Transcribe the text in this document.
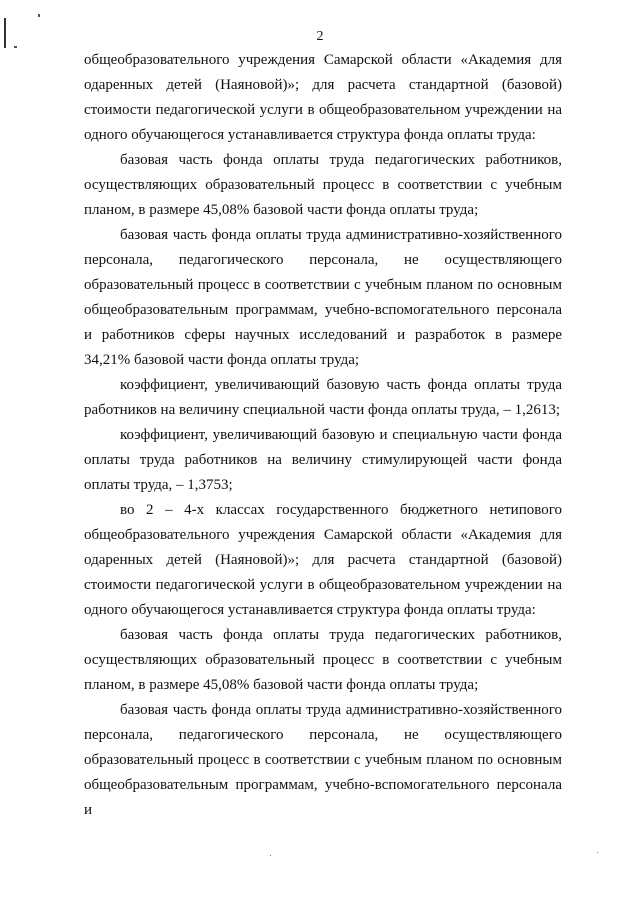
2

общеобразовательного учреждения Самарской области «Академия для одаренных детей (Наяновой)»; для расчета стандартной (базовой) стоимости педагогической услуги в общеобразовательном учреждении на одного обучающегося устанавливается структура фонда оплаты труда:

базовая часть фонда оплаты труда педагогических работников, осуществляющих образовательный процесс в соответствии с учебным планом, в размере 45,08% базовой части фонда оплаты труда;

базовая часть фонда оплаты труда административно-хозяйственного персонала, педагогического персонала, не осуществляющего образовательный процесс в соответствии с учебным планом по основным общеобразовательным программам, учебно-вспомогательного персонала и работников сферы научных исследований и разработок в размере 34,21% базовой части фонда оплаты труда;

коэффициент, увеличивающий базовую часть фонда оплаты труда работников на величину специальной части фонда оплаты труда, – 1,2613;

коэффициент, увеличивающий базовую и специальную части фонда оплаты труда работников на величину стимулирующей части фонда оплаты труда, – 1,3753;

во 2 – 4-х классах государственного бюджетного нетипового общеобразовательного учреждения Самарской области «Академия для одаренных детей (Наяновой)»; для расчета стандартной (базовой) стоимости педагогической услуги в общеобразовательном учреждении на одного обучающегося устанавливается структура фонда оплаты труда:

базовая часть фонда оплаты труда педагогических работников, осуществляющих образовательный процесс в соответствии с учебным планом, в размере 45,08% базовой части фонда оплаты труда;

базовая часть фонда оплаты труда административно-хозяйственного персонала, педагогического персонала, не осуществляющего образовательный процесс в соответствии с учебным планом по основным общеобразовательным программам, учебно-вспомогательного персонала и
